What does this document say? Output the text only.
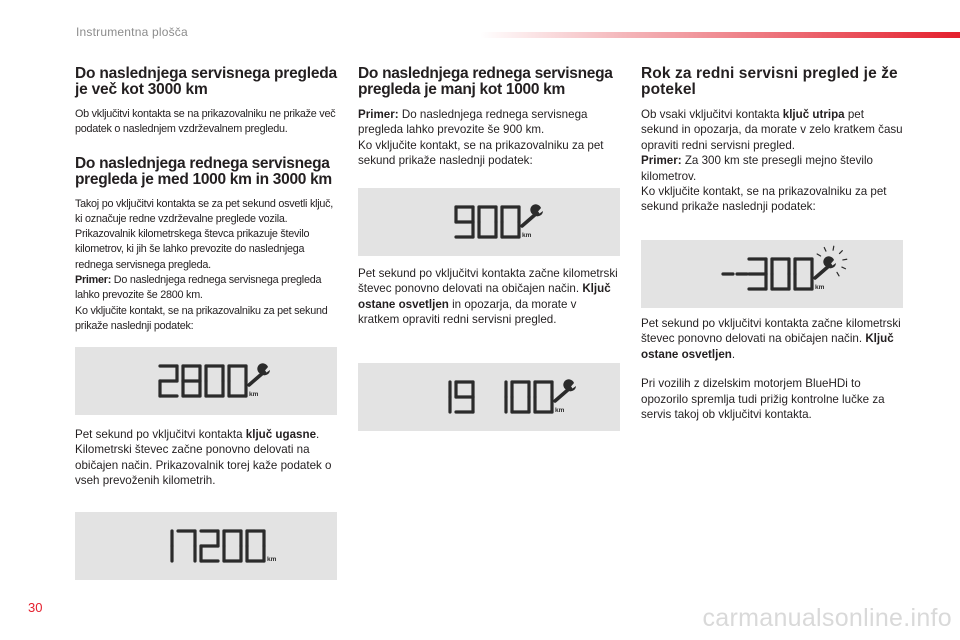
Instrumentna plošča
Do naslednjega servisnega pregleda je več kot 3000 km

Ob vključitvi kontakta se na prikazovalniku ne prikaže več podatek o naslednjem vzdrževalnem pregledu.

Do naslednjega rednega servisnega pregleda je med 1000 km in 3000 km

Takoj po vključitvi kontakta se za pet sekund osvetli ključ, ki označuje redne vzdrževalne preglede vozila. Prikazovalnik kilometrskega števca prikazuje število kilometrov, ki jih še lahko prevozite do naslednjega rednega servisnega pregleda.

Primer: Do naslednjega rednega servisnega pregleda lahko prevozite še 2800 km.

Ko vključite kontakt, se na prikazovalniku za pet sekund prikaže naslednji podatek:

km

Pet sekund po vključitvi kontakta ključ ugasne. Kilometrski števec začne ponovno delovati na običajen način. Prikazovalnik torej kaže podatek o vseh prevoženih kilometrih.

km
Do naslednjega rednega servisnega pregleda je manj kot 1000 km

Primer: Do naslednjega rednega servisnega pregleda lahko prevozite še 900 km.

Ko vključite kontakt, se na prikazovalniku za pet sekund prikaže naslednji podatek:

km

Pet sekund po vključitvi kontakta začne kilometrski števec ponovno delovati na običajen način. Ključ ostane osvetljen in opozarja, da morate v kratkem opraviti redni servisni pregled.

km
Rok za redni servisni pregled je že potekel

Ob vsaki vključitvi kontakta ključ utripa pet sekund in opozarja, da morate v zelo kratkem času opraviti redni servisni pregled.

Primer: Za 300 km ste presegli mejno število kilometrov.

Ko vključite kontakt, se na prikazovalniku za pet sekund prikaže naslednji podatek:

km

Pet sekund po vključitvi kontakta začne kilometrski števec ponovno delovati na običajen način. Ključ ostane osvetljen.

Pri vozilih z dizelskim motorjem BlueHDi to opozorilo spremlja tudi prižig kontrolne lučke za servis takoj ob vključitvi kontakta.

30	carmanualsonline.info
